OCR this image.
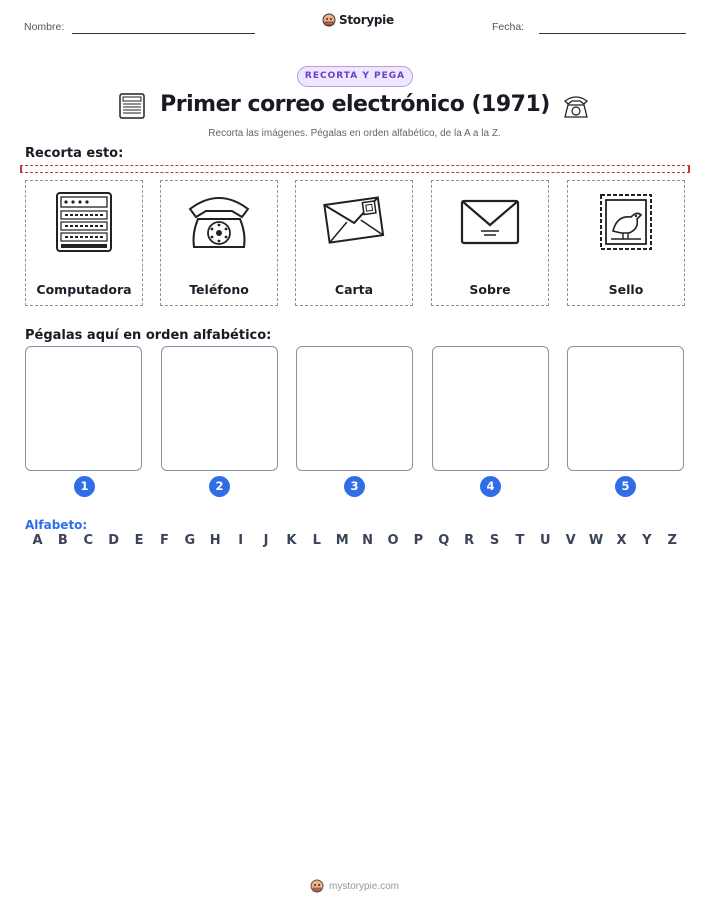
Nombre:	Storypie	Fecha:
RECORTA Y PEGA
Primer correo electrónico (1971)
Recorta las imágenes. Pégalas en orden alfabético, de la A a la Z.
Recorta esto:
Computadora	Teléfono	Carta	Sobre	Sello
Pégalas aquí en orden alfabético:
1	2	3	4	5
Alfabeto:
A	B	C	D	E	F	G	H	I	J	K	L	M	N	O	P	Q	R	S	T	U	V	W	X	Y	Z
mystorypie.com
